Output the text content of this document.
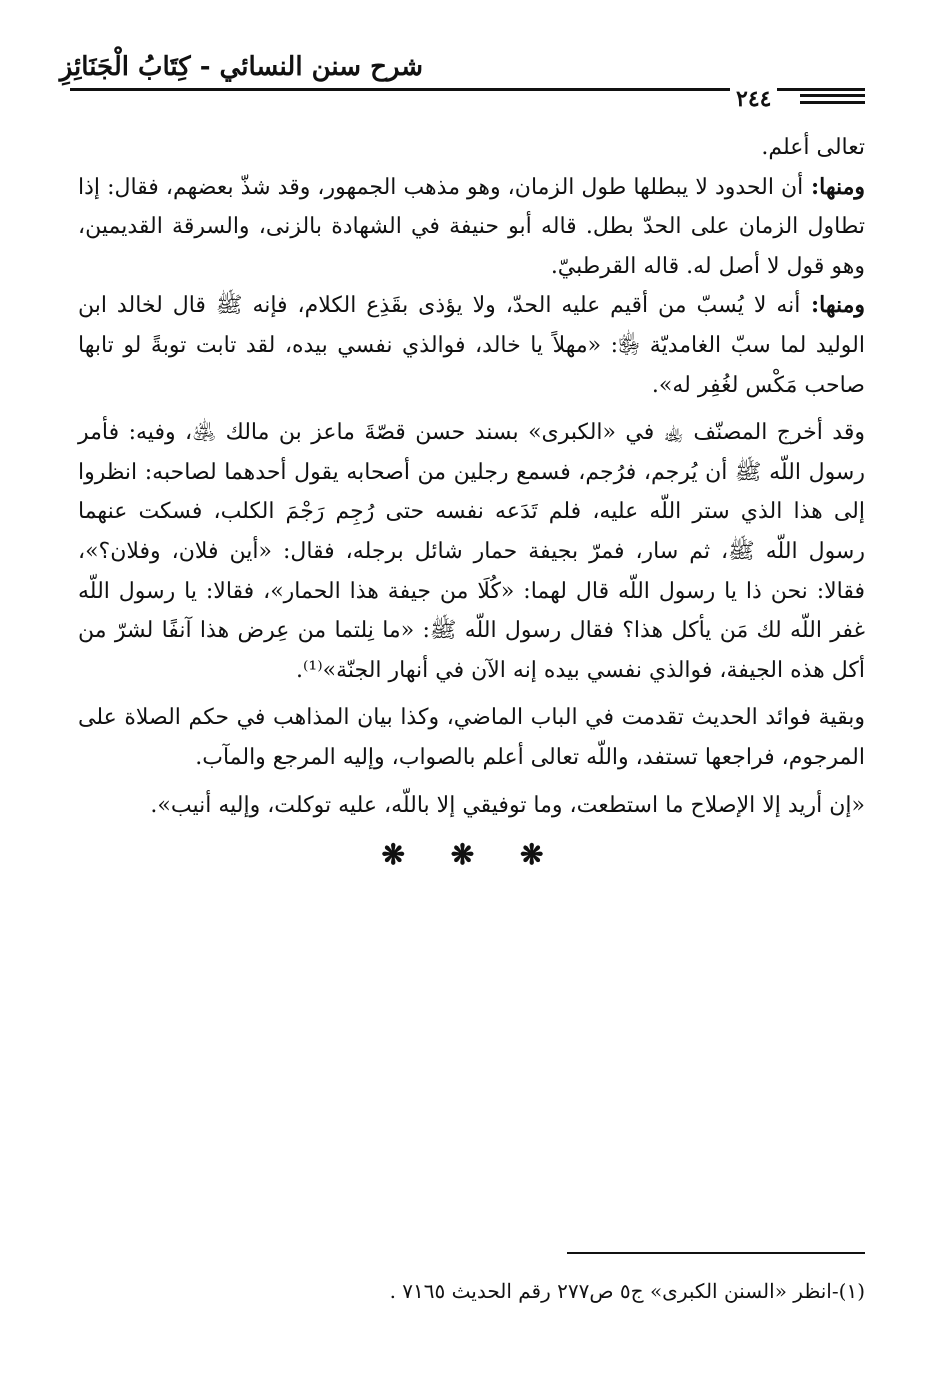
شرح سنن النسائي - كِتَابُ الْجَنَائِزِ
٢٤٤

تعالى أعلم.

ومنها: أن الحدود لا يبطلها طول الزمان، وهو مذهب الجمهور، وقد شذّ بعضهم، فقال: إذا تطاول الزمان على الحدّ بطل. قاله أبو حنيفة في الشهادة بالزنى، والسرقة القديمين، وهو قول لا أصل له. قاله القرطبيّ.

ومنها: أنه لا يُسبّ من أقيم عليه الحدّ، ولا يؤذى بقَذِع الكلام، فإنه ﷺ قال لخالد ابن الوليد لما سبّ الغامديّة ﵂: «مهلاً يا خالد، فوالذي نفسي بيده، لقد تابت توبةً لو تابها صاحب مَكْس لغُفِر له».

وقد أخرج المصنّف ﵀ في «الكبرى» بسند حسن قصّةَ ماعز بن مالك ﵁، وفيه: فأمر رسول اللّه ﷺ أن يُرجم، فرُجم، فسمع رجلين من أصحابه يقول أحدهما لصاحبه: انظروا إلى هذا الذي ستر اللّه عليه، فلم تَدَعه نفسه حتى رُجِم رَجْمَ الكلب، فسكت عنهما رسول اللّه ﷺ، ثم سار، فمرّ بجيفة حمار شائل برجله، فقال: «أين فلان، وفلان؟»، فقالا: نحن ذا يا رسول اللّه قال لهما: «كُلَا من جيفة هذا الحمار»، فقالا: يا رسول اللّه غفر اللّه لك مَن يأكل هذا؟ فقال رسول اللّه ﷺ: «ما نِلتما من عِرض هذا آنفًا لشرّ من أكل هذه الجيفة، فوالذي نفسي بيده إنه الآن في أنهار الجنّة»⁽¹⁾.

وبقية فوائد الحديث تقدمت في الباب الماضي، وكذا بيان المذاهب في حكم الصلاة على المرجوم، فراجعها تستفد، واللّه تعالى أعلم بالصواب، وإليه المرجع والمآب.

«إن أريد إلا الإصلاح ما استطعت، وما توفيقي إلا باللّه، عليه توكلت، وإليه أنيب».

❋ ❋ ❋
(١)-انظر «السنن الكبرى» ج٥ ص٢٧٧ رقم الحديث ٧١٦٥ .
